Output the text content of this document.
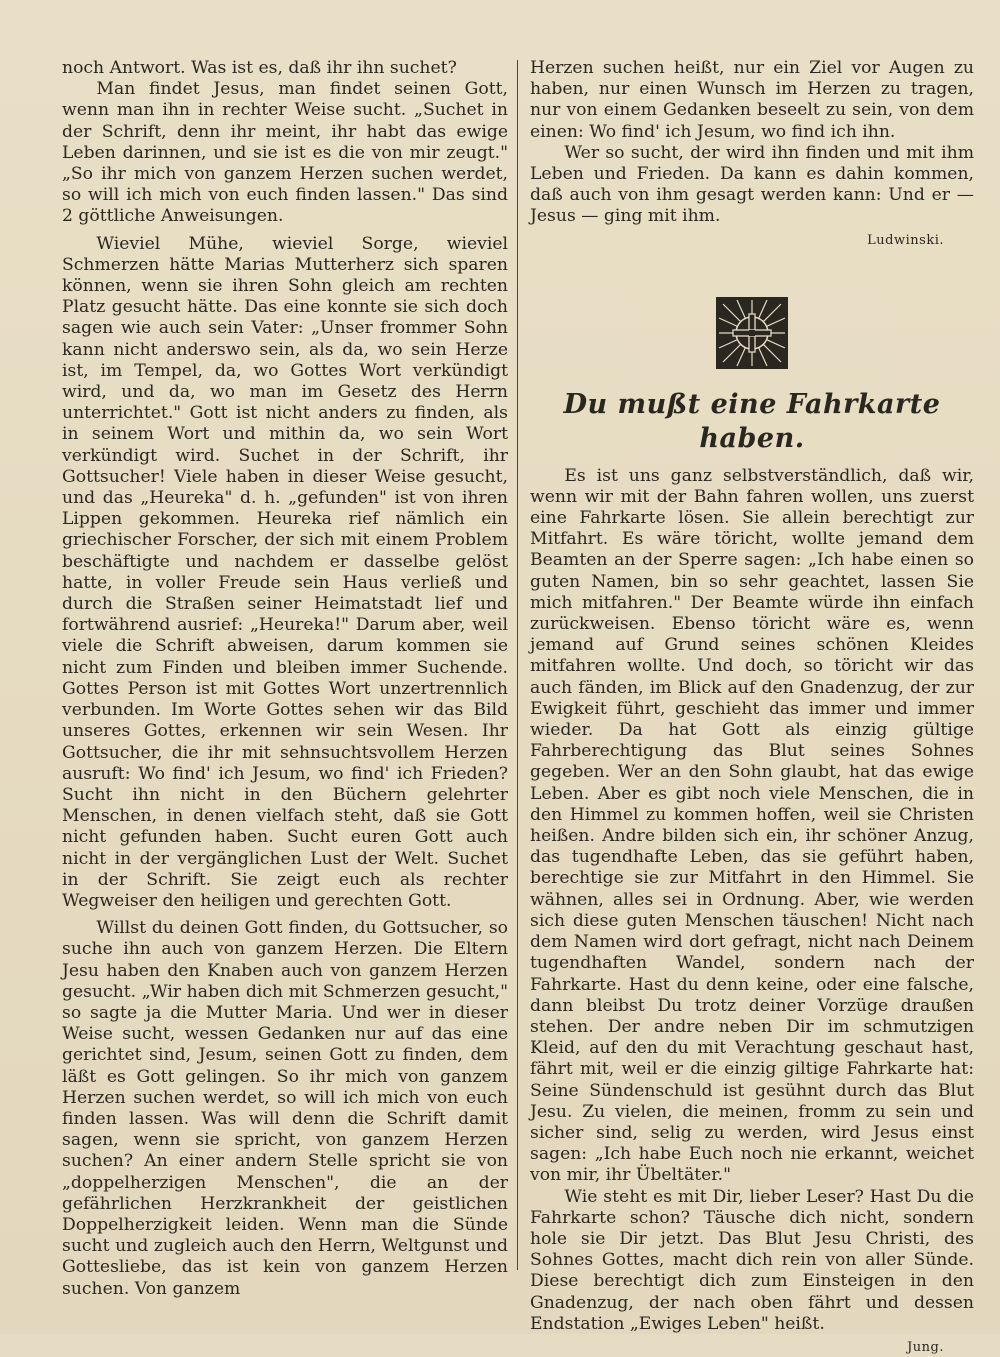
noch Antwort. Was ist es, daß ihr ihn suchet?

Man findet Jesus, man findet seinen Gott, wenn man ihn in rechter Weise sucht. „Suchet in der Schrift, denn ihr meint, ihr habt das ewige Leben darinnen, und sie ist es die von mir zeugt." „So ihr mich von ganzem Herzen suchen werdet, so will ich mich von euch finden lassen." Das sind 2 göttliche Anweisungen.

Wieviel Mühe, wieviel Sorge, wieviel Schmerzen hätte Marias Mutterherz sich sparen können, wenn sie ihren Sohn gleich am rechten Platz gesucht hätte. Das eine konnte sie sich doch sagen wie auch sein Vater: „Unser frommer Sohn kann nicht anderswo sein, als da, wo sein Herze ist, im Tempel, da, wo Gottes Wort verkündigt wird, und da, wo man im Gesetz des Herrn unterrichtet." Gott ist nicht anders zu finden, als in seinem Wort und mithin da, wo sein Wort verkündigt wird. Suchet in der Schrift, ihr Gottsucher! Viele haben in dieser Weise gesucht, und das „Heureka" d. h. „gefunden" ist von ihren Lippen gekommen. Heureka rief nämlich ein griechischer Forscher, der sich mit einem Problem beschäftigte und nachdem er dasselbe gelöst hatte, in voller Freude sein Haus verließ und durch die Straßen seiner Heimatstadt lief und fortwährend ausrief: „Heureka!" Darum aber, weil viele die Schrift abweisen, darum kommen sie nicht zum Finden und bleiben immer Suchende. Gottes Person ist mit Gottes Wort unzertrennlich verbunden. Im Worte Gottes sehen wir das Bild unseres Gottes, erkennen wir sein Wesen. Ihr Gottsucher, die ihr mit sehnsuchtsvollem Herzen ausruft: Wo find' ich Jesum, wo find' ich Frieden? Sucht ihn nicht in den Büchern gelehrter Menschen, in denen vielfach steht, daß sie Gott nicht gefunden haben. Sucht euren Gott auch nicht in der vergänglichen Lust der Welt. Suchet in der Schrift. Sie zeigt euch als rechter Wegweiser den heiligen und gerechten Gott.

Willst du deinen Gott finden, du Gottsucher, so suche ihn auch von ganzem Herzen. Die Eltern Jesu haben den Knaben auch von ganzem Herzen gesucht. „Wir haben dich mit Schmerzen gesucht," so sagte ja die Mutter Maria. Und wer in dieser Weise sucht, wessen Gedanken nur auf das eine gerichtet sind, Jesum, seinen Gott zu finden, dem läßt es Gott gelingen. So ihr mich von ganzem Herzen suchen werdet, so will ich mich von euch finden lassen. Was will denn die Schrift damit sagen, wenn sie spricht, von ganzem Herzen suchen? An einer andern Stelle spricht sie von „doppelherzigen Menschen", die an der gefährlichen Herzkrankheit der geistlichen Doppelherzigkeit leiden. Wenn man die Sünde sucht und zugleich auch den Herrn, Weltgunst und Gottesliebe, das ist kein von ganzem Herzen suchen. Von ganzem

Herzen suchen heißt, nur ein Ziel vor Augen zu haben, nur einen Wunsch im Herzen zu tragen, nur von einem Gedanken beseelt zu sein, von dem einen: Wo find' ich Jesum, wo find ich ihn.

Wer so sucht, der wird ihn finden und mit ihm Leben und Frieden. Da kann es dahin kommen, daß auch von ihm gesagt werden kann: Und er — Jesus — ging mit ihm.

Ludwinski.
Du mußt eine Fahrkarte haben.

Es ist uns ganz selbstverständlich, daß wir, wenn wir mit der Bahn fahren wollen, uns zuerst eine Fahrkarte lösen. Sie allein berechtigt zur Mitfahrt. Es wäre töricht, wollte jemand dem Beamten an der Sperre sagen: „Ich habe einen so guten Namen, bin so sehr geachtet, lassen Sie mich mitfahren." Der Beamte würde ihn einfach zurückweisen. Ebenso töricht wäre es, wenn jemand auf Grund seines schönen Kleides mitfahren wollte. Und doch, so töricht wir das auch fänden, im Blick auf den Gnadenzug, der zur Ewigkeit führt, geschieht das immer und immer wieder. Da hat Gott als einzig gültige Fahrberechtigung das Blut seines Sohnes gegeben. Wer an den Sohn glaubt, hat das ewige Leben. Aber es gibt noch viele Menschen, die in den Himmel zu kommen hoffen, weil sie Christen heißen. Andre bilden sich ein, ihr schöner Anzug, das tugendhafte Leben, das sie geführt haben, berechtige sie zur Mitfahrt in den Himmel. Sie wähnen, alles sei in Ordnung. Aber, wie werden sich diese guten Menschen täuschen! Nicht nach dem Namen wird dort gefragt, nicht nach Deinem tugendhaften Wandel, sondern nach der Fahrkarte. Hast du denn keine, oder eine falsche, dann bleibst Du trotz deiner Vorzüge draußen stehen. Der andre neben Dir im schmutzigen Kleid, auf den du mit Verachtung geschaut hast, fährt mit, weil er die einzig giltige Fahrkarte hat: Seine Sündenschuld ist gesühnt durch das Blut Jesu. Zu vielen, die meinen, fromm zu sein und sicher sind, selig zu werden, wird Jesus einst sagen: „Ich habe Euch noch nie erkannt, weichet von mir, ihr Übeltäter."

Wie steht es mit Dir, lieber Leser? Hast Du die Fahrkarte schon? Täusche dich nicht, sondern hole sie Dir jetzt. Das Blut Jesu Christi, des Sohnes Gottes, macht dich rein von aller Sünde. Diese berechtigt dich zum Einsteigen in den Gnadenzug, der nach oben fährt und dessen Endstation „Ewiges Leben" heißt.

Jung.
